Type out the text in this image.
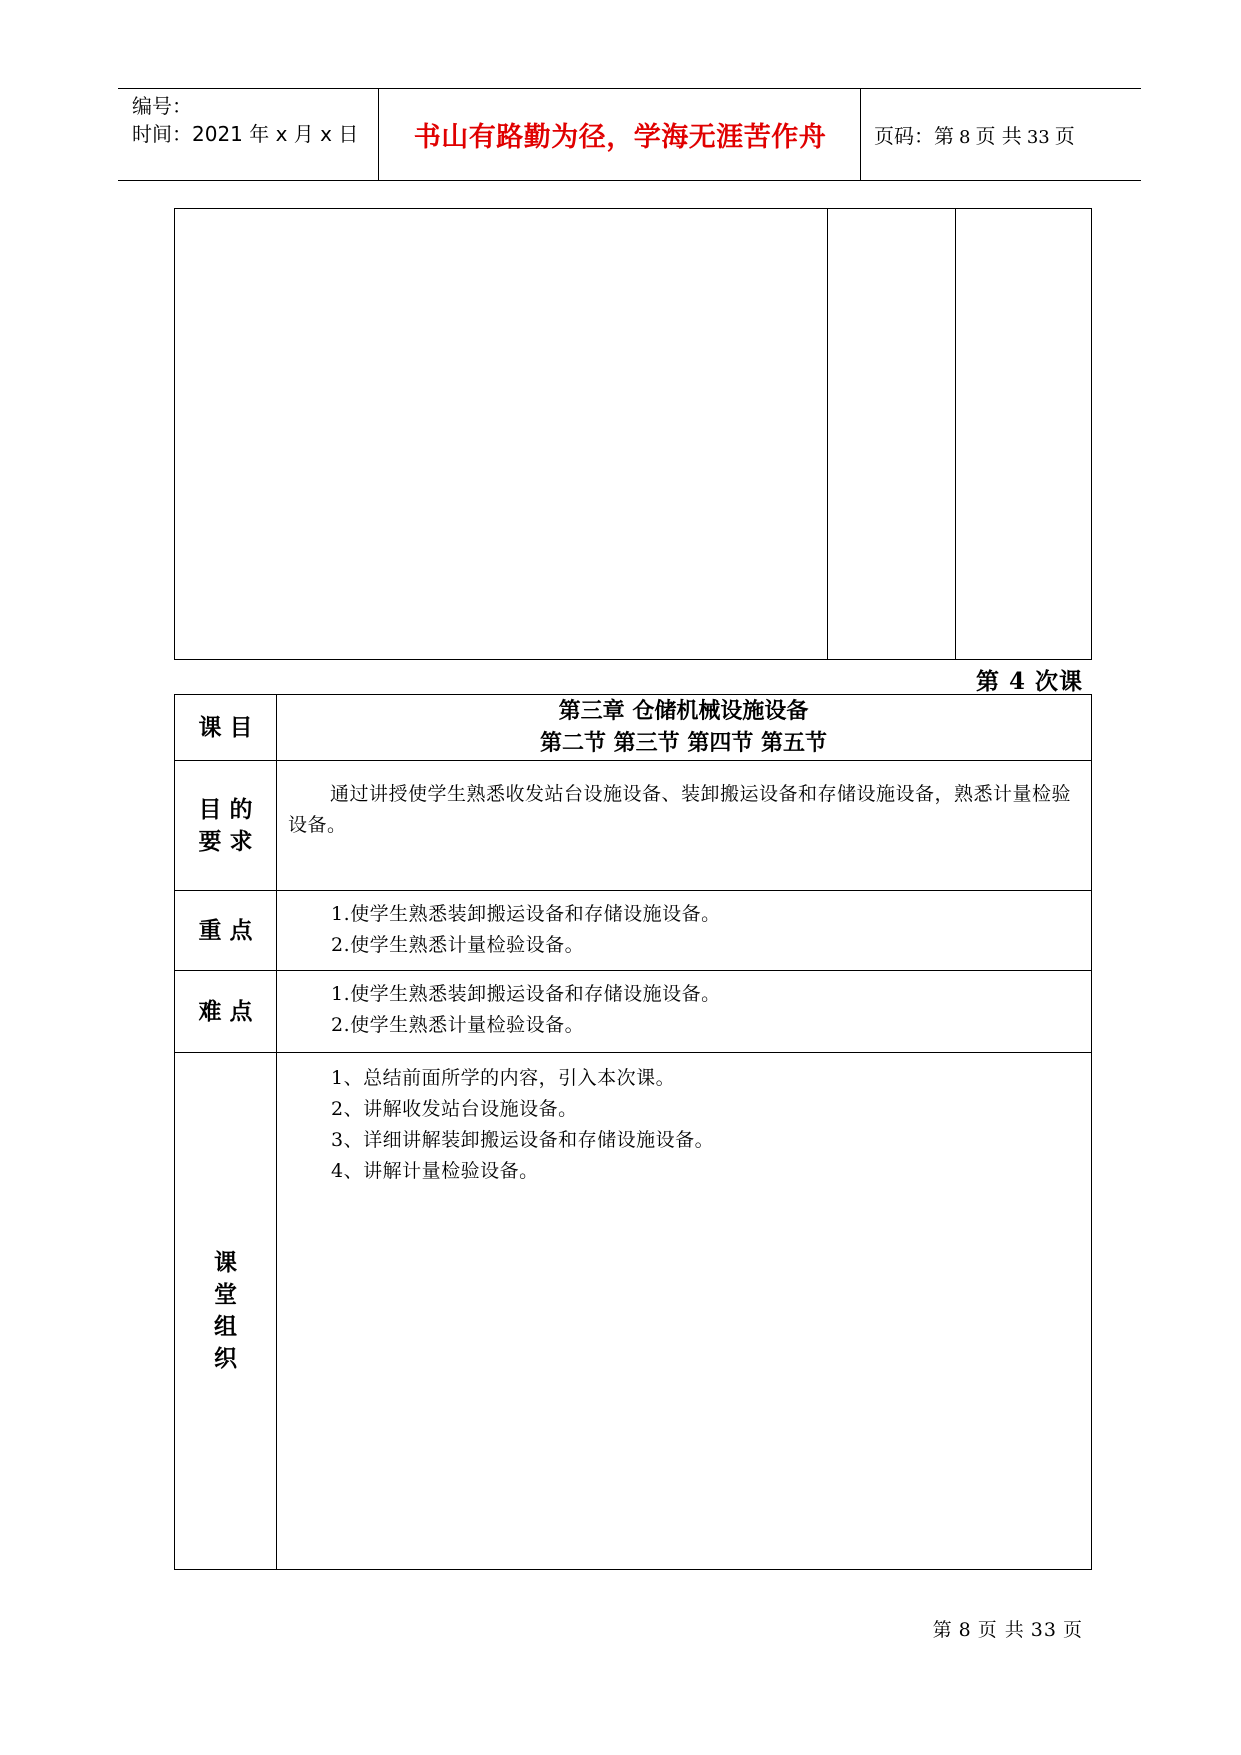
编号：
时间：2021 年 x 月 x 日	书山有路勤为径，学海无涯苦作舟	页码：第 8 页 共 33 页
第 4 次课
课 目
第三章 仓储机械设施设备
第二节 第三节 第四节 第五节
目 的
要 求
通过讲授使学生熟悉收发站台设施设备、装卸搬运设备和存储设施设备，熟悉计量检验设备。
重 点
1.使学生熟悉装卸搬运设备和存储设施设备。
2.使学生熟悉计量检验设备。
难 点
1.使学生熟悉装卸搬运设备和存储设施设备。
2.使学生熟悉计量检验设备。
课
堂
组
织
1、总结前面所学的内容，引入本次课。
2、讲解收发站台设施设备。
3、详细讲解装卸搬运设备和存储设施设备。
4、讲解计量检验设备。
第 8 页 共 33 页
